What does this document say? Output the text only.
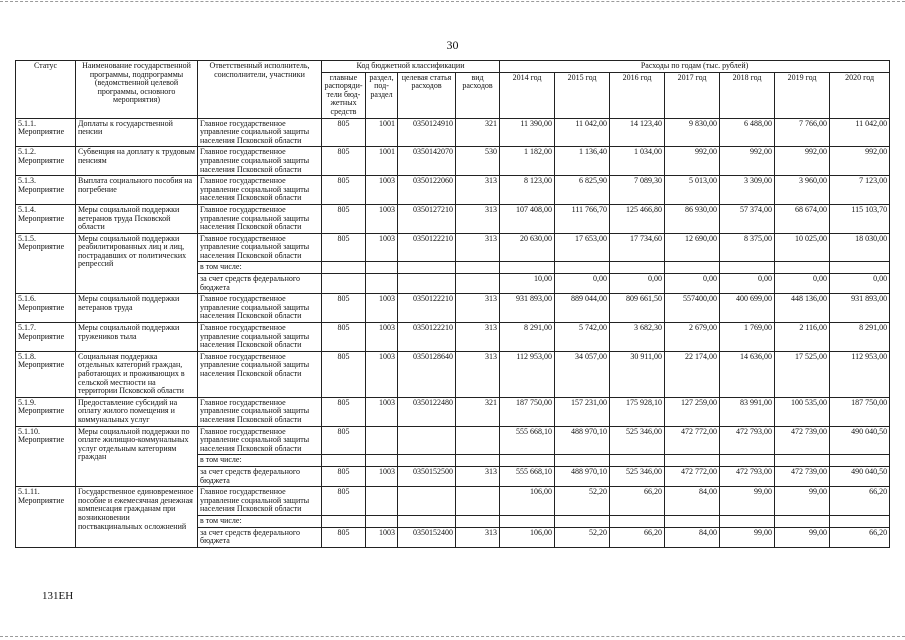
30
Статус	Наименование государственной программы, подпрограммы (ведомственной целевой программы, основного мероприятия)	Ответственный исполнитель, соисполнители, участники	Код бюджетной классификации				Расходы по годам (тыс. рублей)						
			главные распоряди-тели бюд-жетных средств	раздел, под-раздел	целевая статья расходов	вид расходов	2014 год	2015 год	2016 год	2017 год	2018 год	2019 год	2020 год
5.1.1. Мероприятие	Доплаты к государственной пенсии	Главное государственное управление социальной защиты населения Псковской области	805	1001	0350124910	321	11 390,00	11 042,00	14 123,40	9 830,00	6 488,00	7 766,00	11 042,00
5.1.2. Мероприятие	Субвенция на доплату к трудовым пенсиям	Главное государственное управление социальной защиты населения Псковской области	805	1001	0350142070	530	1 182,00	1 136,40	1 034,00	992,00	992,00	992,00	992,00
5.1.3. Мероприятие	Выплата социального пособия на погребение	Главное государственное управление социальной защиты населения Псковской области	805	1003	0350122060	313	8 123,00	6 825,90	7 089,30	5 013,00	3 309,00	3 960,00	7 123,00
5.1.4. Мероприятие	Меры социальной поддержки ветеранов труда Псковской области	Главное государственное управление социальной защиты населения Псковской области	805	1003	0350127210	313	107 408,00	111 766,70	125 466,80	86 930,00	57 374,00	68 674,00	115 103,70
5.1.5. Мероприятие	Меры социальной поддержки реабилитированных лиц и лиц, пострадавших от политических репрессий	Главное государственное управление социальной защиты населения Псковской области	805	1003	0350122210	313	20 630,00	17 653,00	17 734,60	12 690,00	8 375,00	10 025,00	18 030,00
		в том числе:											
		за счет средств федерального бюджета					10,00	0,00	0,00	0,00	0,00	0,00	0,00
5.1.6. Мероприятие	Меры социальной поддержки ветеранов труда	Главное государственное управление социальной защиты населения Псковской области	805	1003	0350122210	313	931 893,00	889 044,00	809 661,50	557400,00	400 699,00	448 136,00	931 893,00
5.1.7. Мероприятие	Меры социальной поддержки тружеников тыла	Главное государственное управление социальной защиты населения Псковской области	805	1003	0350122210	313	8 291,00	5 742,00	3 682,30	2 679,00	1 769,00	2 116,00	8 291,00
5.1.8. Мероприятие	Социальная поддержка отдельных категорий граждан, работающих и проживающих в сельской местности на территории Псковской области	Главное государственное управление социальной защиты населения Псковской области	805	1003	0350128640	313	112 953,00	34 057,00	30 911,00	22 174,00	14 636,00	17 525,00	112 953,00
5.1.9. Мероприятие	Предоставление субсидий на оплату жилого помещения и коммунальных услуг	Главное государственное управление социальной защиты населения Псковской области	805	1003	0350122480	321	187 750,00	157 231,00	175 928,10	127 259,00	83 991,00	100 535,00	187 750,00
5.1.10. Мероприятие	Меры социальной поддержки по оплате жилищно-коммунальных услуг отдельным категориям граждан	Главное государственное управление социальной защиты населения Псковской области	805				555 668,10	488 970,10	525 346,00	472 772,00	472 793,00	472 739,00	490 040,50
		в том числе:											
		за счет средств федерального бюджета	805	1003	0350152500	313	555 668,10	488 970,10	525 346,00	472 772,00	472 793,00	472 739,00	490 040,50
5.1.11. Мероприятие	Государственное единовременное пособие и ежемесячная денежная компенсация гражданам при возникновении поствакцинальных осложнений	Главное государственное управление социальной защиты населения Псковской области	805				106,00	52,20	66,20	84,00	99,00	99,00	66,20
		в том числе:											
		за счет средств федерального бюджета	805	1003	0350152400	313	106,00	52,20	66,20	84,00	99,00	99,00	66,20
131ЕН
